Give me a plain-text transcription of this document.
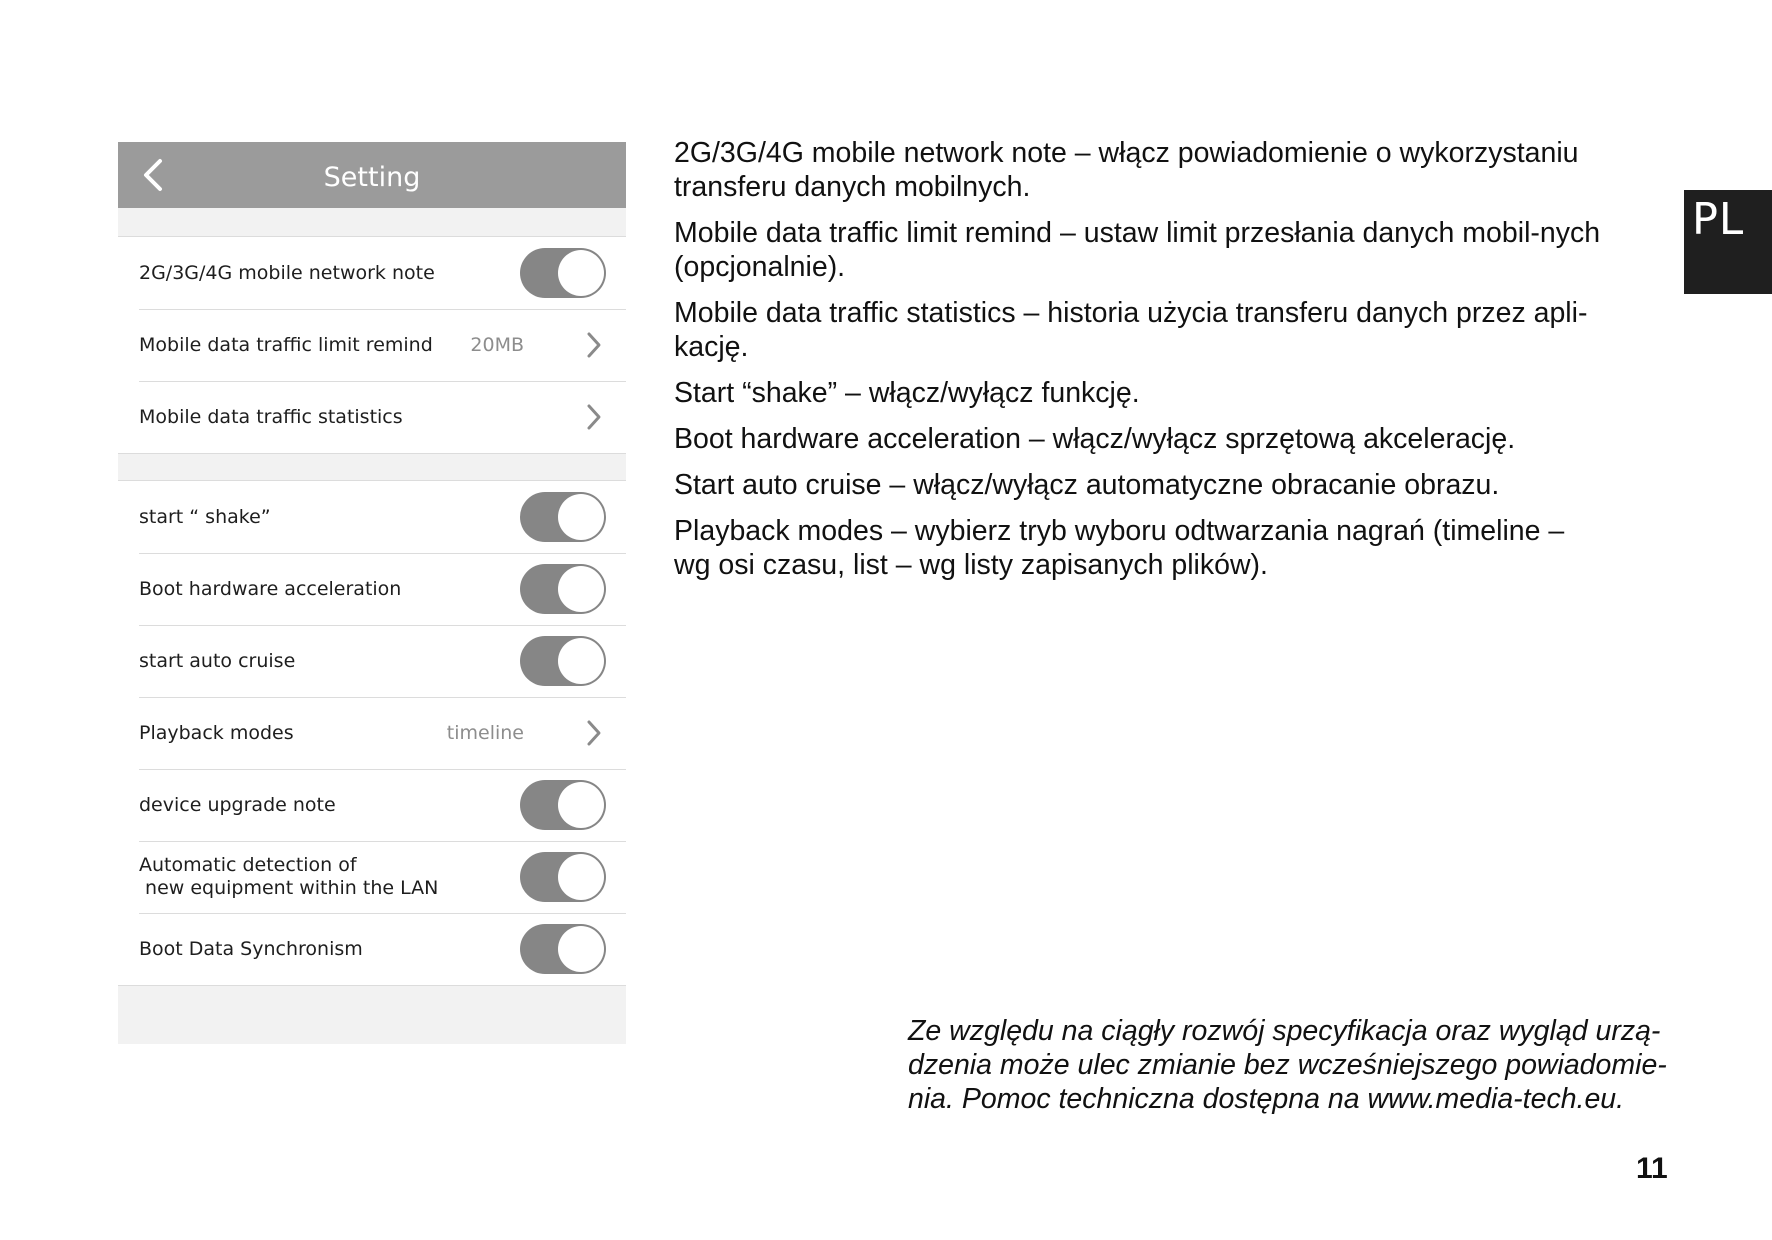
Setting
2G/3G/4G mobile network note
Mobile data traffic limit remind 20MB
Mobile data traffic statistics
start “ shake”
Boot hardware acceleration
start auto cruise
Playback modes	timeline
device upgrade note
Automatic detection of
new equipment within the LAN
Boot Data Synchronism

2G/3G/4G mobile network note – włącz powiadomienie o wykorzystaniu transferu danych mobilnych.

Mobile data traffic limit remind – ustaw limit przesłania danych mobil-nych (opcjonalnie).

Mobile data traffic statistics – historia użycia transferu danych przez apli-kację.

Start “shake” – włącz/wyłącz funkcję.

Boot hardware acceleration – włącz/wyłącz sprzętową akcelerację.

Start auto cruise – włącz/wyłącz automatyczne obracanie obrazu.

Playback modes – wybierz tryb wyboru odtwarzania nagrań (timeline – wg osi czasu, list – wg listy zapisanych plików).

PL
Ze względu na ciągły rozwój specyfikacja oraz wygląd urzą-dzenia może ulec zmianie bez wcześniejszego powiadomie-nia. Pomoc techniczna dostępna na www.media-tech.eu.
11
